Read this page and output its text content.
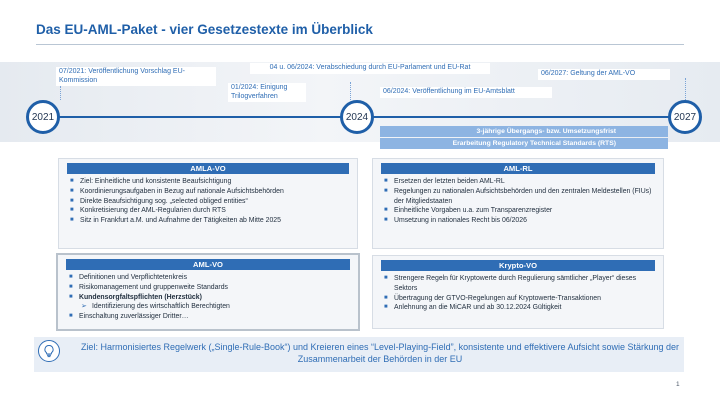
Das EU-AML-Paket - vier Gesetzestexte im Überblick
07/2021: Veröffentlichung Vorschlag EU-Kommission
01/2024: Einigung Trilogverfahren
04 u. 06/2024: Verabschiedung durch EU-Parlament und EU-Rat
06/2024: Veröffentlichung im EU-Amtsblatt
06/2027: Geltung der AML-VO
2021	2024	2027
3-jährige Übergangs- bzw. Umsetzungsfrist
Erarbeitung Regulatory Technical Standards (RTS)
AMLA-VO
■ Ziel: Einheitliche und konsistente Beaufsichtigung
■ Koordinierungsaufgaben in Bezug auf nationale Aufsichtsbehörden
■ Direkte Beaufsichtigung sog. „selected obliged entities“
■ Konkretisierung der AML-Regularien durch RTS
■ Sitz in Frankfurt a.M. und Aufnahme der Tätigkeiten ab Mitte 2025
AML-RL
■ Ersetzen der letzten beiden AML-RL
■ Regelungen zu nationalen Aufsichtsbehörden und den zentralen Meldestellen (FIUs) der Mitgliedstaaten
■ Einheitliche Vorgaben u.a. zum Transparenzregister
■ Umsetzung in nationales Recht bis 06/2026
AML-VO
■ Definitionen und Verpflichtetenkreis
■ Risikomanagement und gruppenweite Standards
■ Kundensorgfaltspflichten (Herzstück)
➢ Identifizierung des wirtschaftlich Berechtigten
■ Einschaltung zuverlässiger Dritter…
Krypto-VO
■ Strengere Regeln für Kryptowerte durch Regulierung sämtlicher „Player“ dieses Sektors
■ Übertragung der GTVO-Regelungen auf Kryptowerte-Transaktionen
■ Anlehnung an die MiCAR und ab 30.12.2024 Gültigkeit
Ziel: Harmonisiertes Regelwerk („Single-Rule-Book“) und Kreieren eines “Level-Playing-Field”, konsistente und effektivere Aufsicht sowie Stärkung der Zusammenarbeit der Behörden in der EU
1
